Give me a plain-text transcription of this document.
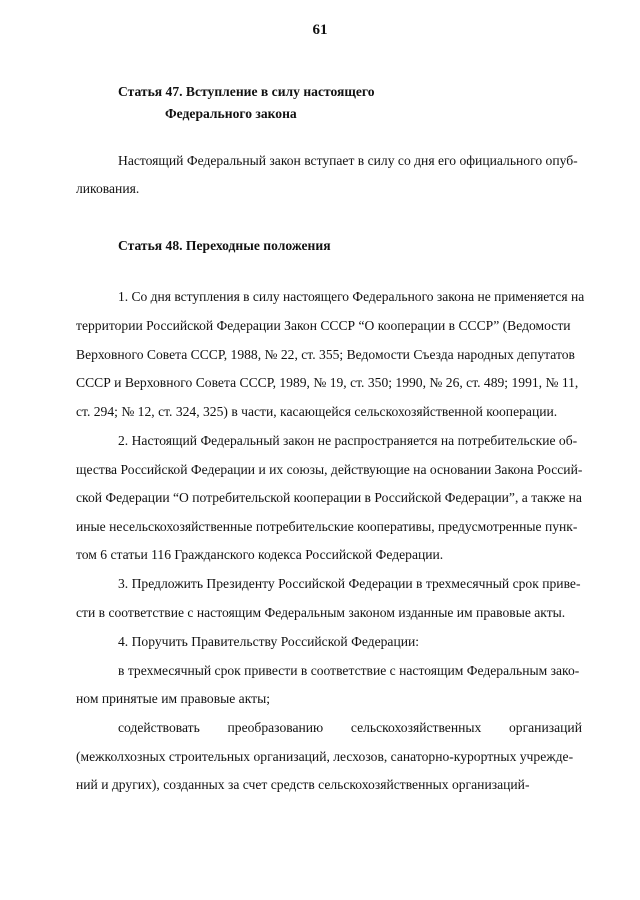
61
Статья 47. Вступление в силу настоящего
Федерального закона
Настоящий Федеральный закон вступает в силу со дня его официального опуб-
ликования.
Статья 48. Переходные положения
1. Со дня вступления в силу настоящего Федерального закона не применяется на
территории Российской Федерации Закон СССР “О кооперации в СССР” (Ведомости
Верховного Совета СССР, 1988, № 22, ст. 355; Ведомости Съезда народных депутатов
СССР и Верховного Совета СССР, 1989, № 19, ст. 350; 1990, № 26, ст. 489; 1991, № 11,
ст. 294; № 12, ст. 324, 325) в части, касающейся сельскохозяйственной кооперации.
2. Настоящий Федеральный закон не распространяется на потребительские об-
щества Российской Федерации и их союзы, действующие на основании Закона Россий-
ской Федерации “О потребительской кооперации в Российской Федерации”, а также на
иные несельскохозяйственные потребительские кооперативы, предусмотренные пунк-
том 6 статьи 116 Гражданского кодекса Российской Федерации.
3. Предложить Президенту Российской Федерации в трехмесячный срок приве-
сти в соответствие с настоящим Федеральным законом изданные им правовые акты.
4. Поручить Правительству Российской Федерации:
в трехмесячный срок привести в соответствие с настоящим Федеральным зако-
ном принятые им правовые акты;
содействовать преобразованию сельскохозяйственных организаций
(межколхозных строительных организаций, лесхозов, санаторно-курортных учрежде-
ний и других), созданных за счет средств сельскохозяйственных организаций-
